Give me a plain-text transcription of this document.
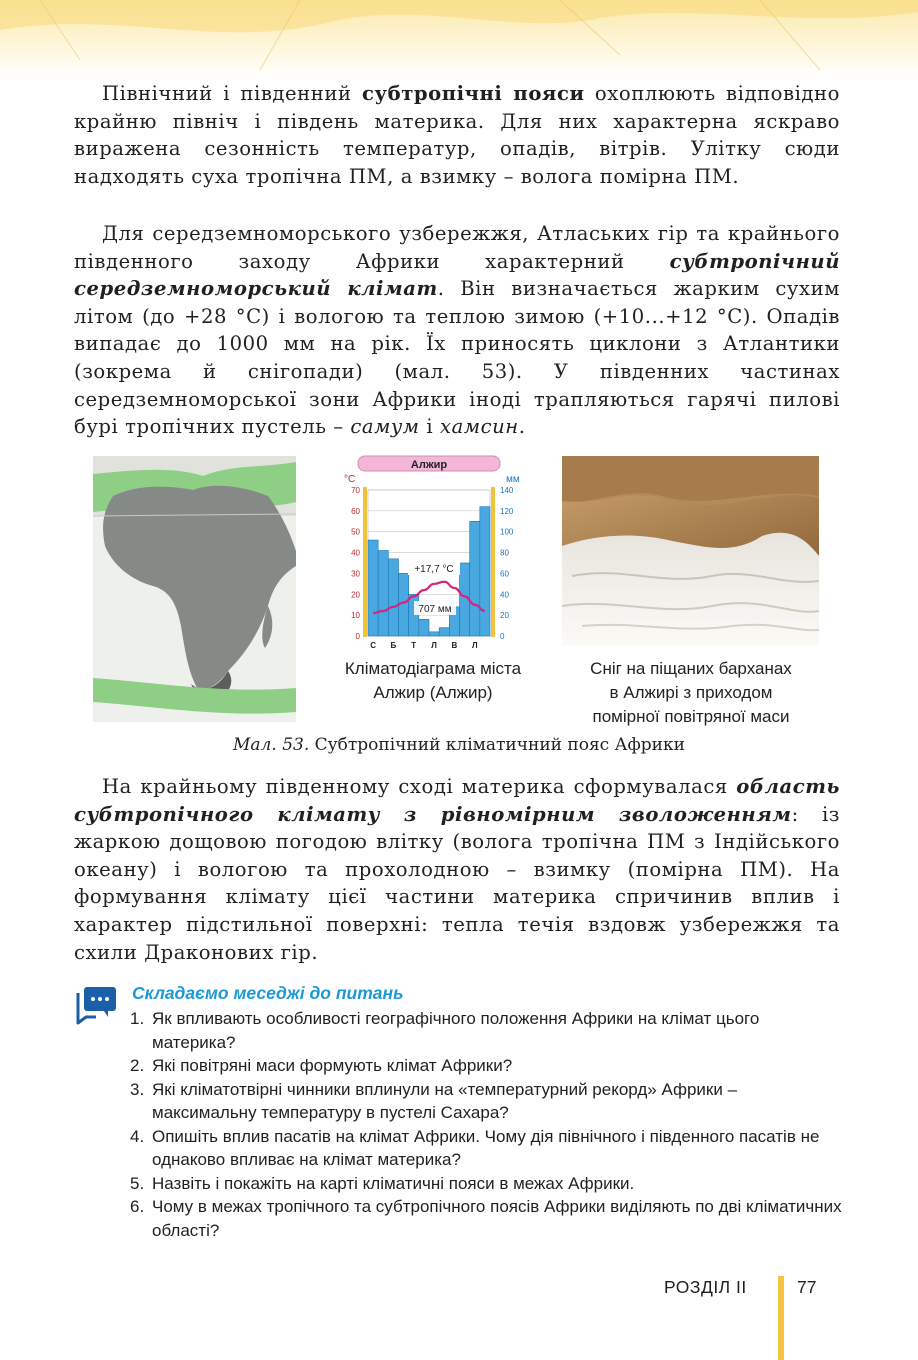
Північний і південний субтропічні пояси охоплюють відповідно крайню північ і південь материка. Для них характерна яскраво виражена сезонність температур, опадів, вітрів. Улітку сюди надходять суха тропічна ПМ, а взимку – волога помірна ПМ.

Для середземноморського узбережжя, Атлаських гір та крайнього південного заходу Африки характерний субтропічний середземноморський клімат. Він визначається жарким сухим літом (до +28 °С) і вологою та теплою зимою (+10...+12 °С). Опадів випадає до 1000 мм на рік. Їх приносять циклони з Атлантики (зокрема й снігопади) (мал. 53). У південних частинах середземноморської зони Африки іноді трапляються гарячі пилові бурі тропічних пустель – самум і хамсин.

Алжир
°С	мм
0
10
20
30
40
50
60
70
0
20
40
60
80
100
120
140
+17,7 °С
707 мм
С Б Т Л В Л
Кліматодіаграма міста
Алжир (Алжир)
Сніг на піщаних барханах
в Алжирі з приходом
помірної повітряної маси
Мал. 53. Субтропічний кліматичний пояс Африки

На крайньому південному сході материка сформувалася область субтропічного клімату з рівномірним зволоженням: із жаркою дощовою погодою влітку (волога тропічна ПМ з Індійського океану) і вологою та прохолодною – взимку (помірна ПМ). На формування клімату цієї частини материка спричинив вплив і характер підстильної поверхні: тепла течія вздовж узбережжя та схили Драконових гір.

Складаємо меседжі до питань
1. Як впливають особливості географічного положення Африки на клімат цього материка?
2. Які повітряні маси формують клімат Африки?
3. Які кліматотвірні чинники вплинули на «температурний рекорд» Африки – максимальну температуру в пустелі Сахара?
4. Опишіть вплив пасатів на клімат Африки. Чому дія північного і південного пасатів не однаково впливає на клімат материка?
5. Назвіть і покажіть на карті кліматичні пояси в межах Африки.
6. Чому в межах тропічного та субтропічного поясів Африки виділяють по дві кліматичних області?
РОЗДІЛ ІІ	77
